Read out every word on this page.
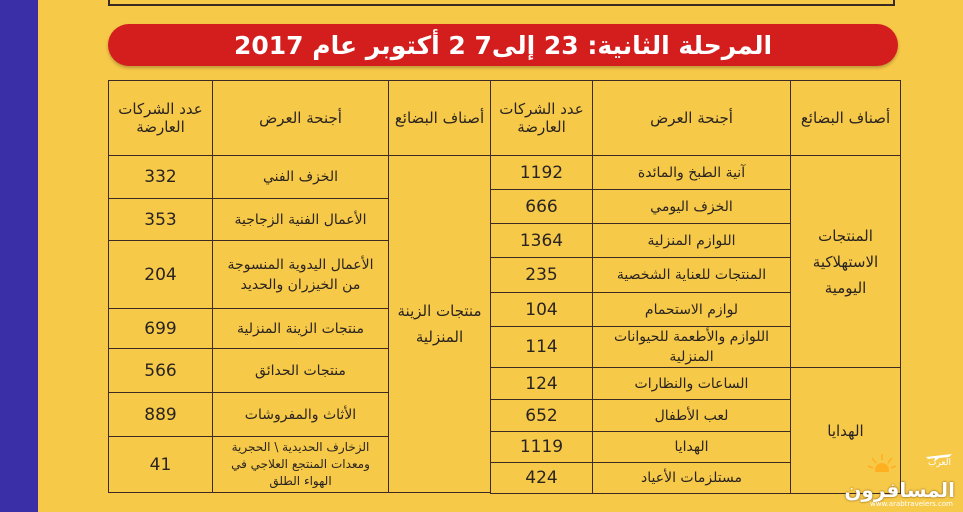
المرحلة الثانية: 23 إلى7 2 أكتوبر عام 2017
أصناف البضائع	أجنحة العرض	عدد الشركات العارضة
المنتجات الاستهلاكية اليومية	آنية الطبخ والمائدة	1192
	الخزف اليومي	666
	اللوازم المنزلية	1364
	المنتجات للعناية الشخصية	235
	لوازم الاستحمام	104
	اللوازم والأطعمة للحيوانات المنزلية	114
الهدايا	الساعات والنظارات	124
	لعب الأطفال	652
	الهدايا	1119
	مستلزمات الأعياد	424
أصناف البضائع	أجنحة العرض	عدد الشركات العارضة
منتجات الزينة المنزلية	الخزف الفني	332
	الأعمال الفنية الزجاجية	353
	الأعمال اليدوية المنسوجة من الخيزران والحديد	204
	منتجات الزينة المنزلية	699
	منتجات الحدائق	566
	الأثاث والمفروشات	889
	الزخارف الحديدية \ الحجرية ومعدات المنتجع العلاجي في الهواء الطلق	41	العرب
المسافرون
www.arabtravelers.com
